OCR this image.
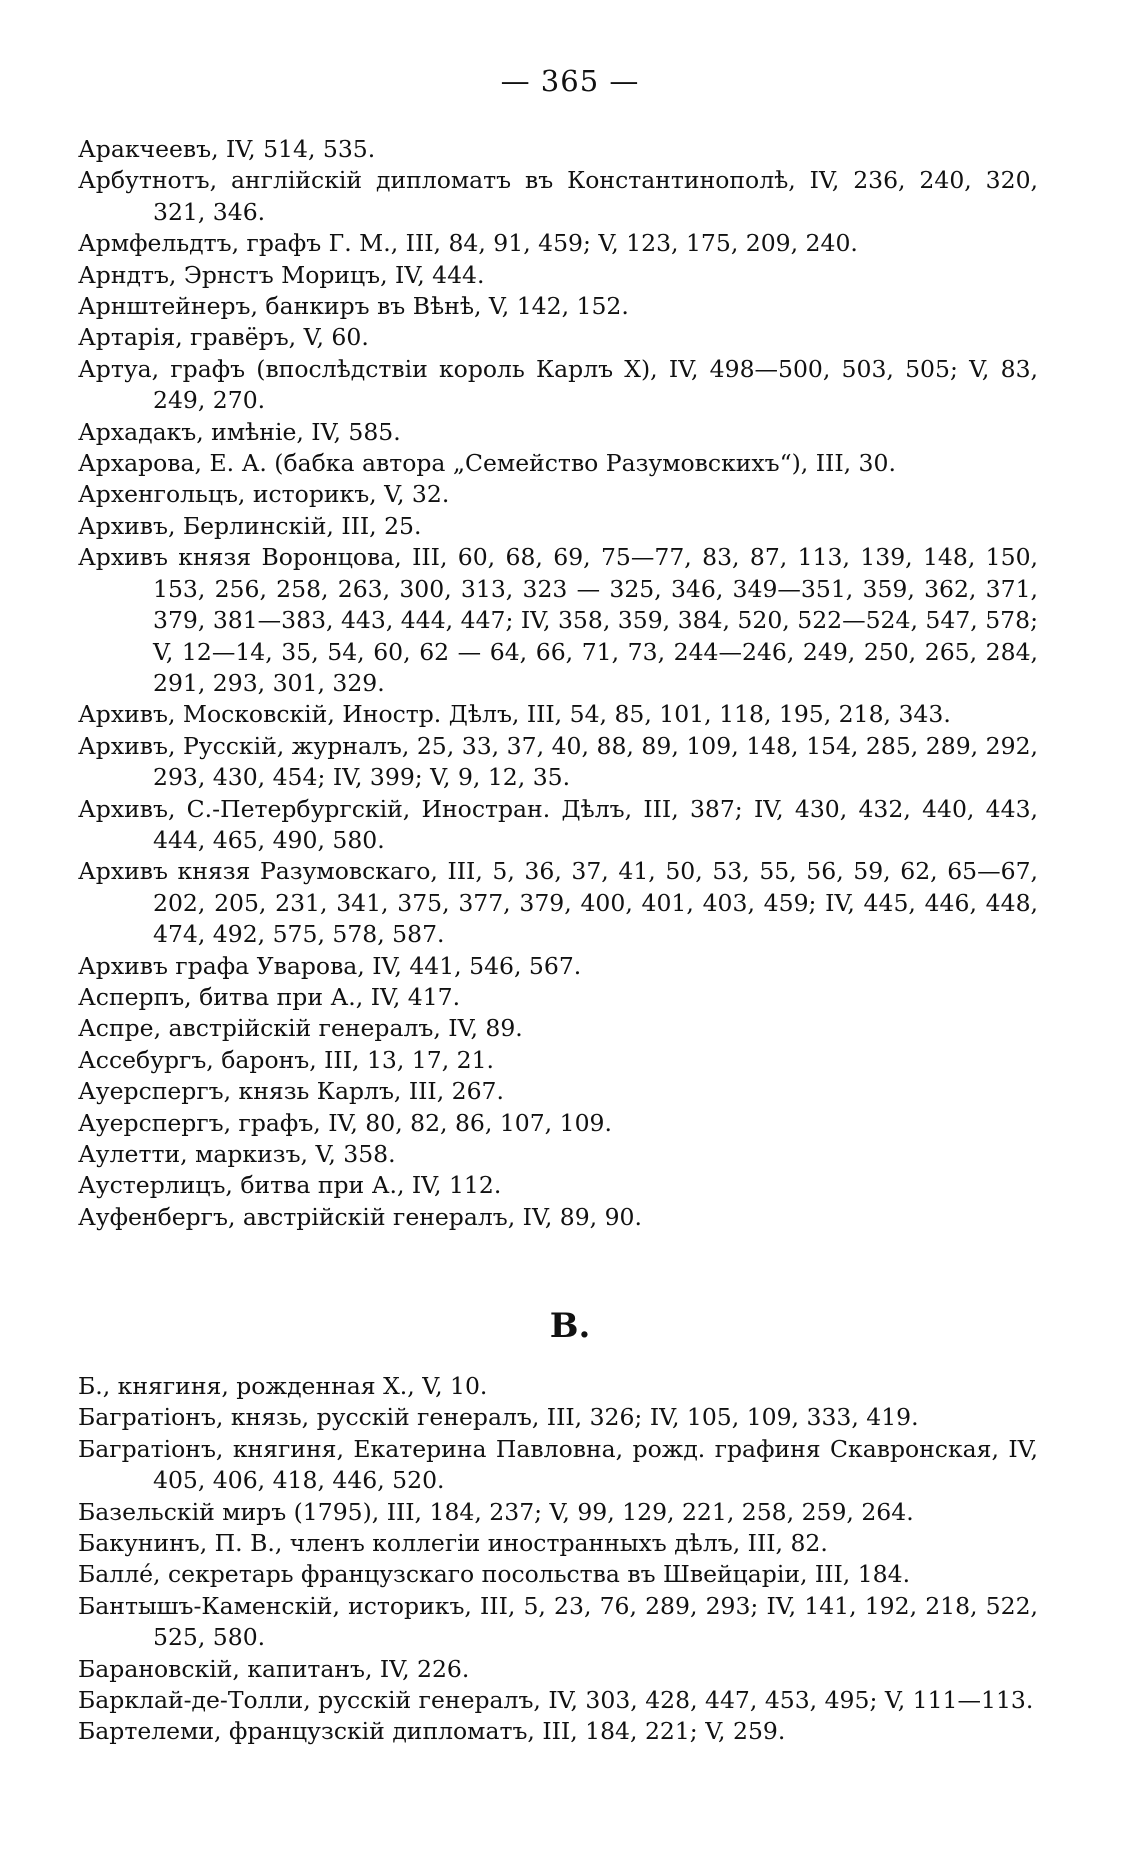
— 365 —
Аракчеевъ, IV, 514, 535.
Арбутнотъ, англійскій дипломатъ въ Константинополѣ, IV, 236, 240, 320, 321, 346.
Армфельдтъ, графъ Г. М., III, 84, 91, 459; V, 123, 175, 209, 240.
Арндтъ, Эрнстъ Морицъ, IV, 444.
Арнштейнеръ, банкиръ въ Вѣнѣ, V, 142, 152.
Артарія, гравёръ, V, 60.
Артуа, графъ (впослѣдствіи король Карлъ X), IV, 498—500, 503, 505; V, 83, 249, 270.
Архадакъ, имѣніе, IV, 585.
Архарова, Е. А. (бабка автора „Семейство Разумовскихъ“), III, 30.
Архенгольцъ, историкъ, V, 32.
Архивъ, Берлинскій, III, 25.
Архивъ князя Воронцова, III, 60, 68, 69, 75—77, 83, 87, 113, 139, 148, 150, 153, 256, 258, 263, 300, 313, 323 — 325, 346, 349—351, 359, 362, 371, 379, 381—383, 443, 444, 447; IV, 358, 359, 384, 520, 522—524, 547, 578; V, 12—14, 35, 54, 60, 62 — 64, 66, 71, 73, 244—246, 249, 250, 265, 284, 291, 293, 301, 329.
Архивъ, Московскій, Иностр. Дѣлъ, III, 54, 85, 101, 118, 195, 218, 343.
Архивъ, Русскій, журналъ, 25, 33, 37, 40, 88, 89, 109, 148, 154, 285, 289, 292, 293, 430, 454; IV, 399; V, 9, 12, 35.
Архивъ, С.-Петербургскій, Иностран. Дѣлъ, III, 387; IV, 430, 432, 440, 443, 444, 465, 490, 580.
Архивъ князя Разумовскаго, III, 5, 36, 37, 41, 50, 53, 55, 56, 59, 62, 65—67, 202, 205, 231, 341, 375, 377, 379, 400, 401, 403, 459; IV, 445, 446, 448, 474, 492, 575, 578, 587.
Архивъ графа Уварова, IV, 441, 546, 567.
Асперпъ, битва при А., IV, 417.
Аспре, австрійскій генералъ, IV, 89.
Ассебургъ, баронъ, III, 13, 17, 21.
Ауерспергъ, князь Карлъ, III, 267.
Ауерспергъ, графъ, IV, 80, 82, 86, 107, 109.
Аулетти, маркизъ, V, 358.
Аустерлицъ, битва при А., IV, 112.
Ауфенбергъ, австрійскій генералъ, IV, 89, 90.
B.
Б., княгиня, рожденная Х., V, 10.
Багратіонъ, князь, русскій генералъ, III, 326; IV, 105, 109, 333, 419.
Багратіонъ, княгиня, Екатерина Павловна, рожд. графиня Скавронская, IV, 405, 406, 418, 446, 520.
Базельскій миръ (1795), III, 184, 237; V, 99, 129, 221, 258, 259, 264.
Бакунинъ, П. В., членъ коллегіи иностранныхъ дѣлъ, III, 82.
Балле́, секретарь французскаго посольства въ Швейцаріи, III, 184.
Бантышъ-Каменскій, историкъ, III, 5, 23, 76, 289, 293; IV, 141, 192, 218, 522, 525, 580.
Барановскій, капитанъ, IV, 226.
Барклай-де-Толли, русскій генералъ, IV, 303, 428, 447, 453, 495; V, 111—113.
Бартелеми, французскій дипломатъ, III, 184, 221; V, 259.
